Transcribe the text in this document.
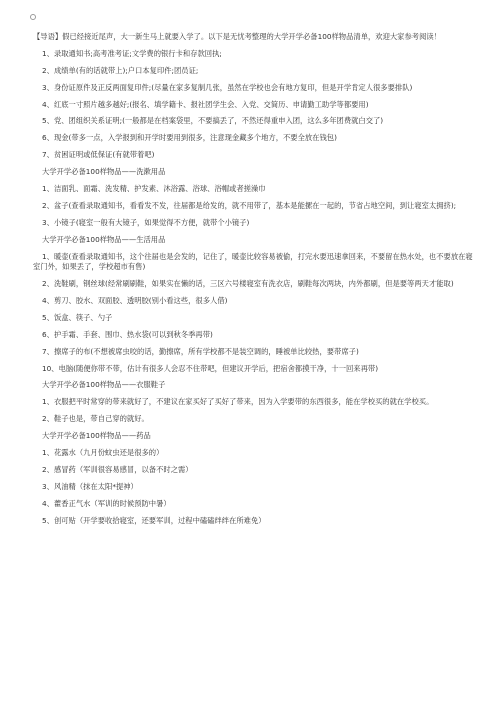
【导语】假已经接近尾声，大一新生马上就要入学了。以下是无忧考整理的大学开学必备100样物品清单，欢迎大家参考阅读！

1、录取通知书;高考准考证;文学费的银行卡和存款回执;

2、成绩单(有的话就带上);户口本复印件;团员证;

3、身份证原件及正反两面复印件;(尽量在家多复制几张，虽然在学校也会有地方复印，但是开学肯定人很多要排队)

4、红底一寸照片越多越好;(报名、填学籍卡、报社团学生会、入党、交简历、申请勤工助学等都要用)

5、党、团组织关系证明;(一般都是在档案袋里，不要搞丢了，不然还得重申入团，这么多年团费就白交了)

6、现金(带多一点，入学报到和开学时要用到很多，注意现金藏多个地方，不要全放在钱包)

7、贫困证明或低保证(有就带着吧)

大学开学必备100样物品——洗漱用品

1、洁面乳、面霜、洗发精、护发素、沐浴露、浴球、浴帽或者搓澡巾

2、盆子(查看录取通知书，看看发不发，往届都是给发的，就不用带了，基本是能摞在一起的，节省占地空间，到让寝室太拥挤);

3、小镜子(寝室一般有大镜子，如果觉得不方便，就带个小镜子)

大学开学必备100样物品——生活用品

1、暖壶(查看录取通知书，这个往届也是会发的，记住了，暖壶比较容易被偷，打完水要迅速拿回来，不要留在热水处，也不要放在寝室门外，如果丢了，学校超市有售)

2、洗鞋刷，钢丝球(经常刷刷鞋，如果实在懒的话，三区六号楼寝室有洗衣店，刷鞋每次两块，内外都刷，但是要等两天才能取)

4、剪刀、胶水、双面胶、透明胶(别小看这些，很多人借)

5、饭盒、筷子、勺子

6、护手霜、手套、围巾、热水袋(可以到秋冬季再带)

7、擦席子的布(不想被席虫咬的话，勤擦席，所有学校都不是装空调的，睡被单比较热，要带席子)

10、电脑(随便你带不带，估计有很多人会忍不住带吧，但建议开学后，把宿舍都摸干净，十一回来再带)

大学开学必备100样物品——衣服鞋子

1、衣服把平时常穿的带来就好了，不建议在家买好了买好了带来，因为入学要带的东西很多，能在学校买的就在学校买。

2、鞋子也是，带自己穿的就好。

大学开学必备100样物品——药品

1、花露水（九月份蚊虫还是很多的）

2、感冒药（军训很容易感冒，以备不时之需）

3、风油精（抹在太阳*提神）

4、藿香正气水（军训的时候预防中暑）

5、创可贴（开学要收拾寝室，还要军训，过程中磕磕绊绊在所难免）
